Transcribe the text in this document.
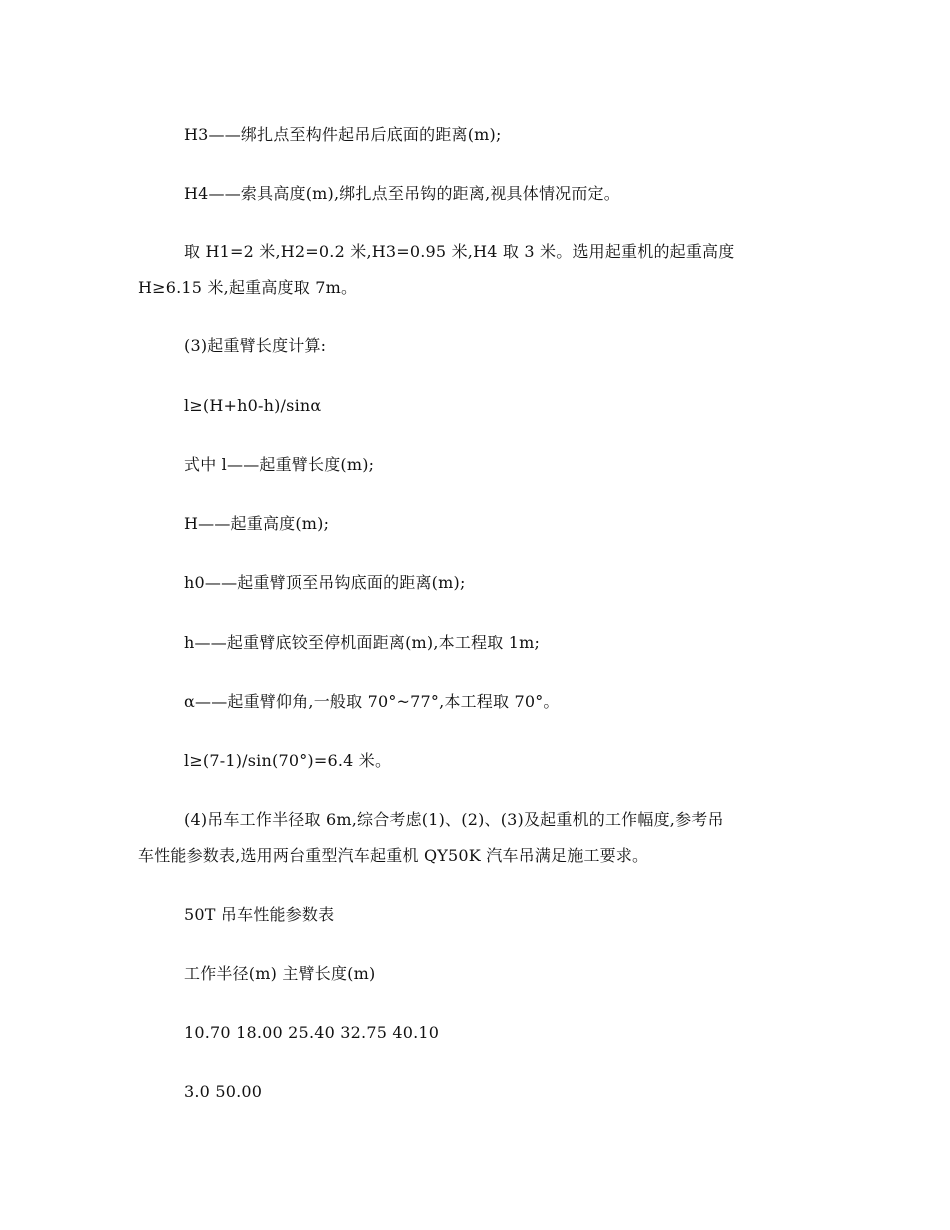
H3——绑扎点至构件起吊后底面的距离(m);
H4——索具高度(m),绑扎点至吊钩的距离,视具体情况而定。
取 H1=2 米,H2=0.2 米,H3=0.95 米,H4 取 3 米。选用起重机的起重高度
H≥6.15 米,起重高度取 7m。
(3)起重臂长度计算:
l≥(H+h0-h)/sinα
式中 l——起重臂长度(m);
H——起重高度(m);
h0——起重臂顶至吊钩底面的距离(m);
h——起重臂底铰至停机面距离(m),本工程取 1m;
α——起重臂仰角,一般取 70°~77°,本工程取 70°。
l≥(7-1)/sin(70°)=6.4 米。
(4)吊车工作半径取 6m,综合考虑(1)、(2)、(3)及起重机的工作幅度,参考吊
车性能参数表,选用两台重型汽车起重机 QY50K 汽车吊满足施工要求。
50T 吊车性能参数表
工作半径(m) 主臂长度(m)
10.70 18.00 25.40 32.75 40.10
3.0 50.00
